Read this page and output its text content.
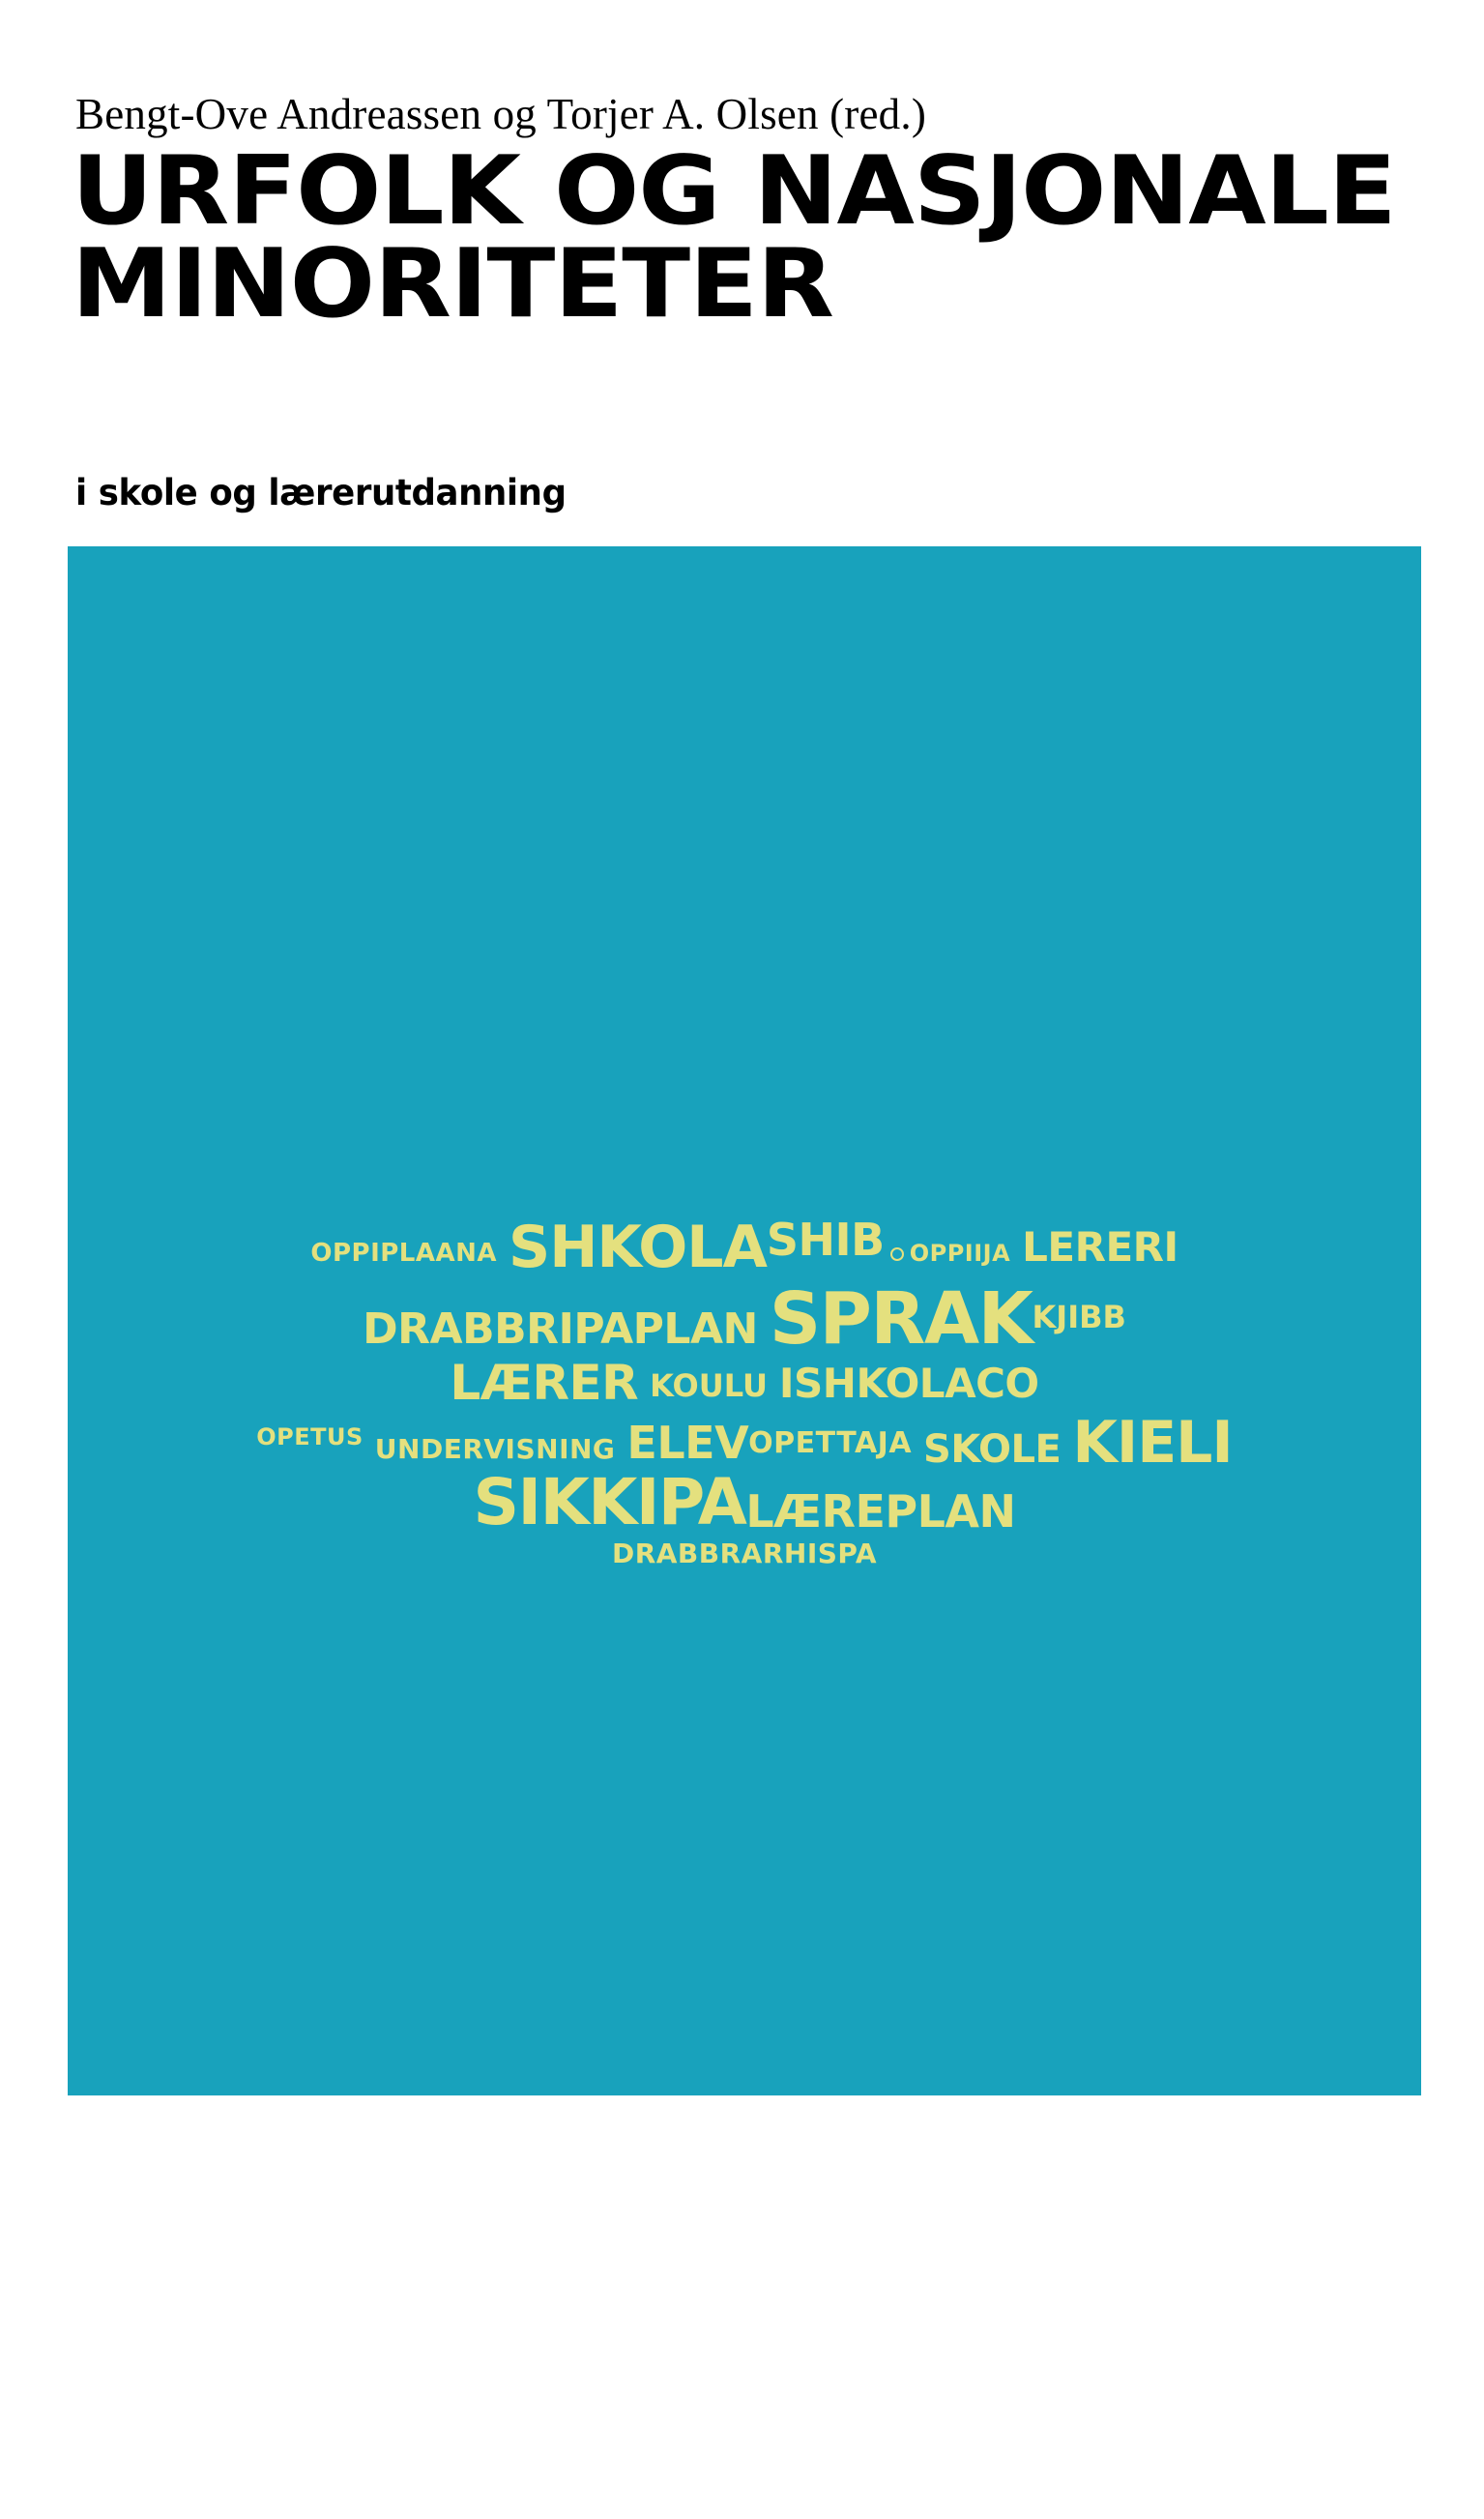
Bengt-Ove Andreassen og Torjer A. Olsen (red.)
URFOLK OG NASJONALE
MINORITETER
i skole og lærerutdanning
OPPIPLAANA SHKOLA SHIB OPPIIJA LERERI
DRABBRIPAPLAN SPRAK KJIBB
LÆRER KOULU ISHKOLACO
OPETUS UNDERVISNING ELEV OPETTAJA SKOLE KIELI
SIKKIPA LÆREPLAN
DRABBRARHISPA
FAGBOKFORLAGET
